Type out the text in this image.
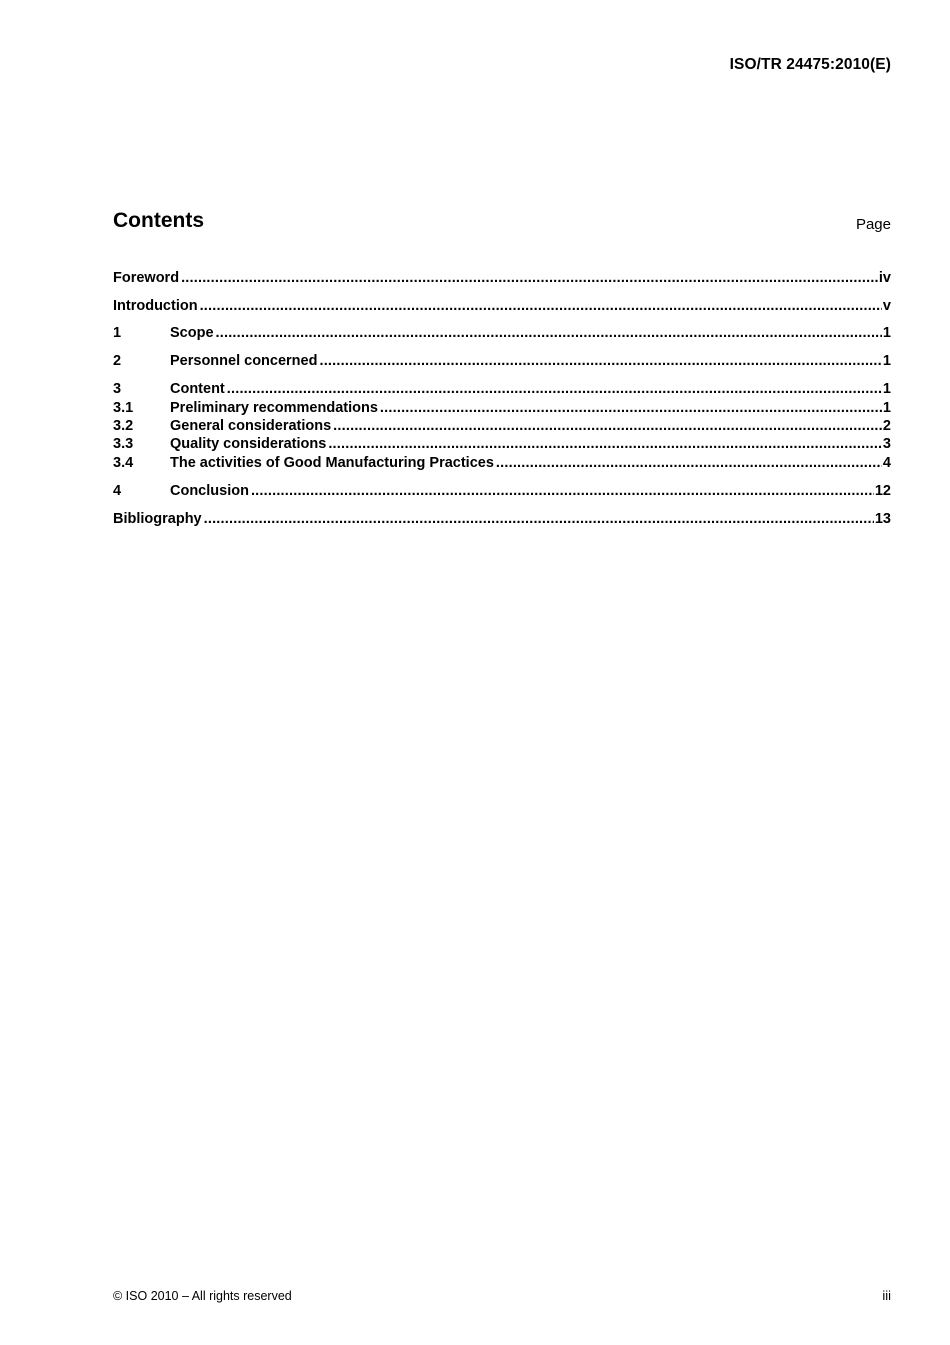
ISO/TR 24475:2010(E)
Contents	Page
Foreword .....	iv
Introduction .....	v
1	Scope .....	1
2	Personnel concerned .....	1
3	Content .....	1
3.1	Preliminary recommendations .....	1
3.2	General considerations .....	2
3.3	Quality considerations .....	3
3.4	The activities of Good Manufacturing Practices .....	4
4	Conclusion .....	12
Bibliography .....	13
© ISO 2010 – All rights reserved	iii
